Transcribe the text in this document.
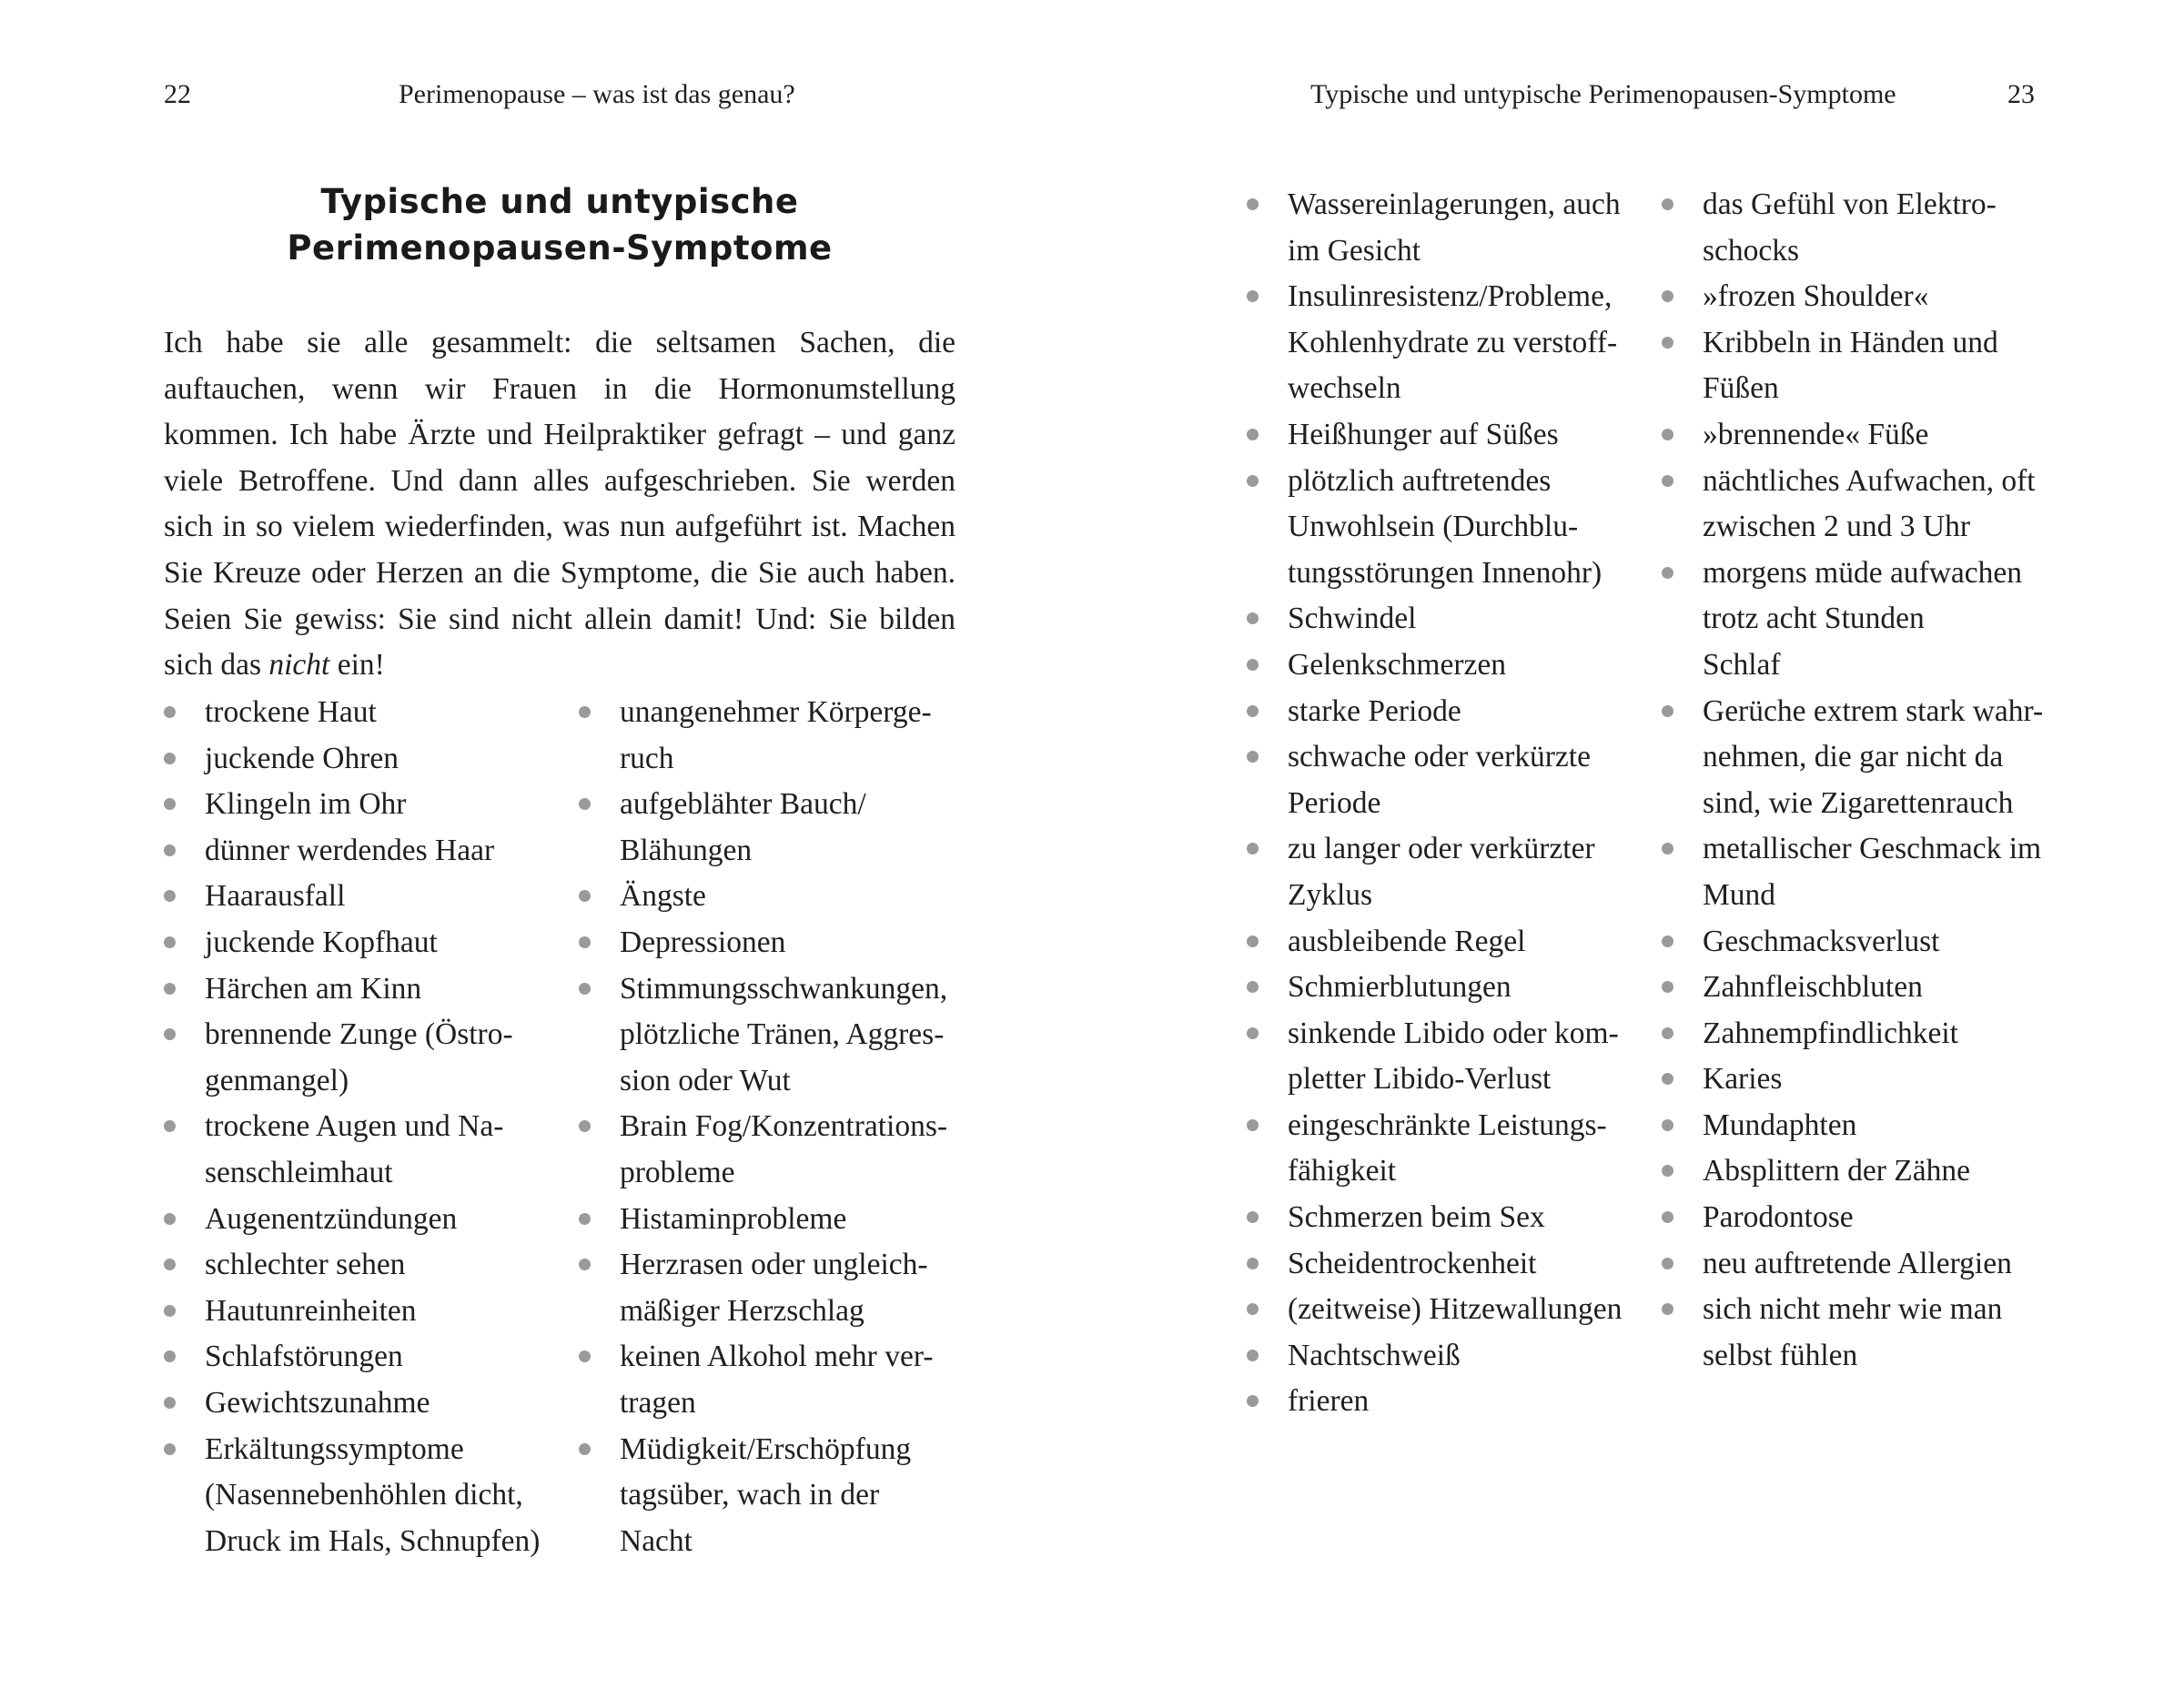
22	Perimenopause – was ist das genau?
Typische und untypische
Perimenopausen-Symptome

Ich habe sie alle gesammelt: die seltsamen Sachen, die auftauchen, wenn wir Frauen in die Hormonumstellung kommen. Ich habe Ärzte und Heilpraktiker gefragt – und ganz viele Betroffene. Und dann alles aufgeschrieben. Sie werden sich in so vielem wiederfinden, was nun aufgeführt ist. Machen Sie Kreuze oder Herzen an die Symptome, die Sie auch haben. Seien Sie gewiss: Sie sind nicht allein damit! Und: Sie bilden sich das nicht ein!

trockene Haut
juckende Ohren
Klingeln im Ohr
dünner werdendes Haar
Haarausfall
juckende Kopfhaut
Härchen am Kinn
brennende Zunge (Östro-
genmangel)
trockene Augen und Na-
senschleimhaut
Augenentzündungen
schlechter sehen
Hautunreinheiten
Schlafstörungen
Gewichtszunahme
Erkältungssymptome
(Nasennebenhöhlen dicht,
Druck im Hals, Schnupfen)
unangenehmer Körperge-
ruch
aufgeblähter Bauch/
Blähungen
Ängste
Depressionen
Stimmungsschwankungen,
plötzliche Tränen, Aggres-
sion oder Wut
Brain Fog/Konzentrations-
probleme
Histaminprobleme
Herzrasen oder ungleich-
mäßiger Herzschlag
keinen Alkohol mehr ver-
tragen
Müdigkeit/Erschöpfung
tagsüber, wach in der
Nacht
Typische und untypische Perimenopausen-Symptome	23
Wassereinlagerungen, auch
im Gesicht
Insulinresistenz/Probleme,
Kohlenhydrate zu verstoff-
wechseln
Heißhunger auf Süßes
plötzlich auftretendes
Unwohlsein (Durchblu-
tungsstörungen Innenohr)
Schwindel
Gelenkschmerzen
starke Periode
schwache oder verkürzte
Periode
zu langer oder verkürzter
Zyklus
ausbleibende Regel
Schmierblutungen
sinkende Libido oder kom-
pletter Libido-Verlust
eingeschränkte Leistungs-
fähigkeit
Schmerzen beim Sex
Scheidentrockenheit
(zeitweise) Hitzewallungen
Nachtschweiß
frieren
das Gefühl von Elektro-
schocks
»frozen Shoulder«
Kribbeln in Händen und
Füßen
»brennende« Füße
nächtliches Aufwachen, oft
zwischen 2 und 3 Uhr
morgens müde aufwachen
trotz acht Stunden
Schlaf
Gerüche extrem stark wahr-
nehmen, die gar nicht da
sind, wie Zigarettenrauch
metallischer Geschmack im
Mund
Geschmacksverlust
Zahnfleischbluten
Zahnempfindlichkeit
Karies
Mundaphten
Absplittern der Zähne
Parodontose
neu auftretende Allergien
sich nicht mehr wie man
selbst fühlen
